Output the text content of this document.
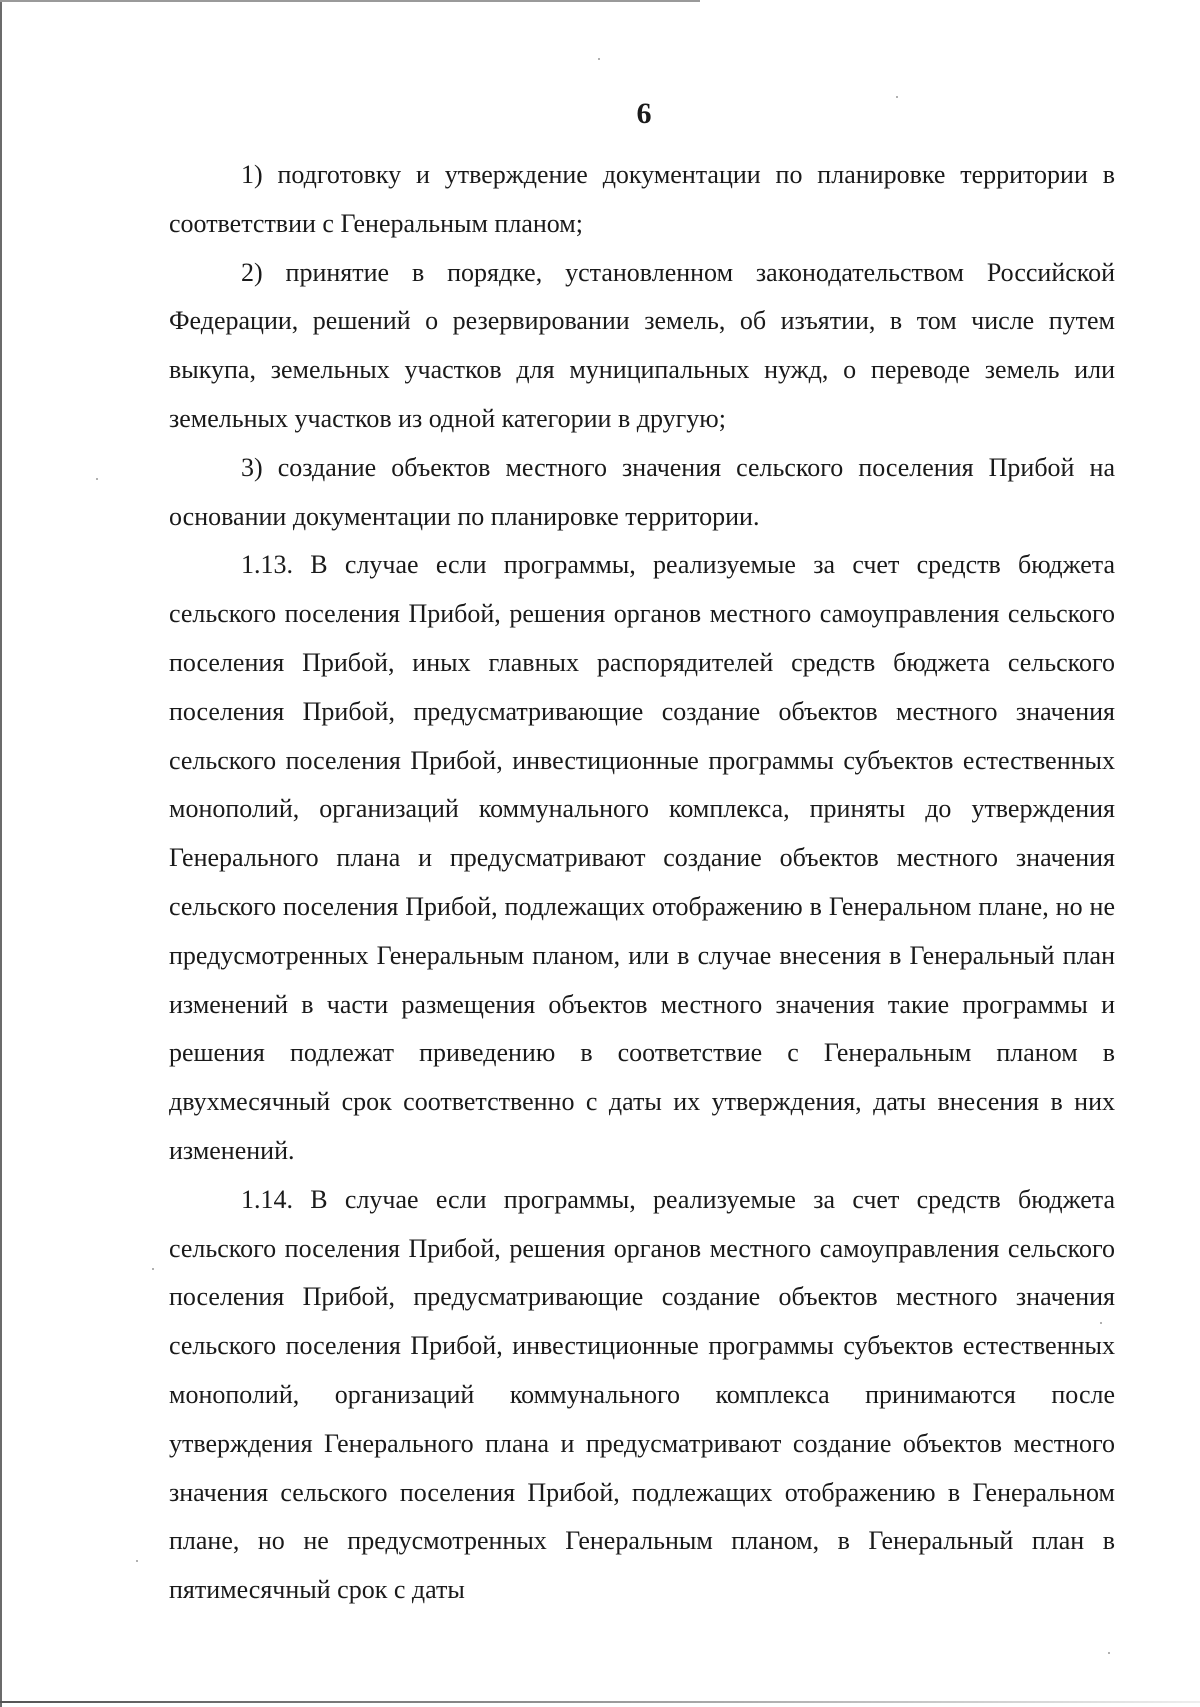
6

1) подготовку и утверждение документации по планировке территории в соответствии с Генеральным планом;

2) принятие в порядке, установленном законодательством Российской Федерации, решений о резервировании земель, об изъятии, в том числе путем выкупа, земельных участков для муниципальных нужд, о переводе земель или земельных участков из одной категории в другую;

3) создание объектов местного значения сельского поселения Прибой на основании документации по планировке территории.

1.13. В случае если программы, реализуемые за счет средств бюджета сельского поселения Прибой, решения органов местного самоуправления сельского поселения Прибой, иных главных распорядителей средств бюджета сельского поселения Прибой, предусматривающие создание объектов местного значения сельского поселения Прибой, инвестиционные программы субъектов естественных монополий, организаций коммунального комплекса, приняты до утверждения Генерального плана и предусматривают создание объектов местного значения сельского поселения Прибой, подлежащих отображению в Генеральном плане, но не предусмотренных Генеральным планом, или в случае внесения в Генеральный план изменений в части размещения объектов местного значения такие программы и решения подлежат приведению в соответствие с Генеральным планом в двухмесячный срок соответственно с даты их утверждения, даты внесения в них изменений.

1.14. В случае если программы, реализуемые за счет средств бюджета сельского поселения Прибой, решения органов местного самоуправления сельского поселения Прибой, предусматривающие создание объектов местного значения сельского поселения Прибой, инвестиционные программы субъектов естественных монополий, организаций коммунального комплекса принимаются после утверждения Генерального плана и предусматривают создание объектов местного значения сельского поселения Прибой, подлежащих отображению в Генеральном плане, но не предусмотренных Генеральным планом, в Генеральный план в пятимесячный срок с даты
